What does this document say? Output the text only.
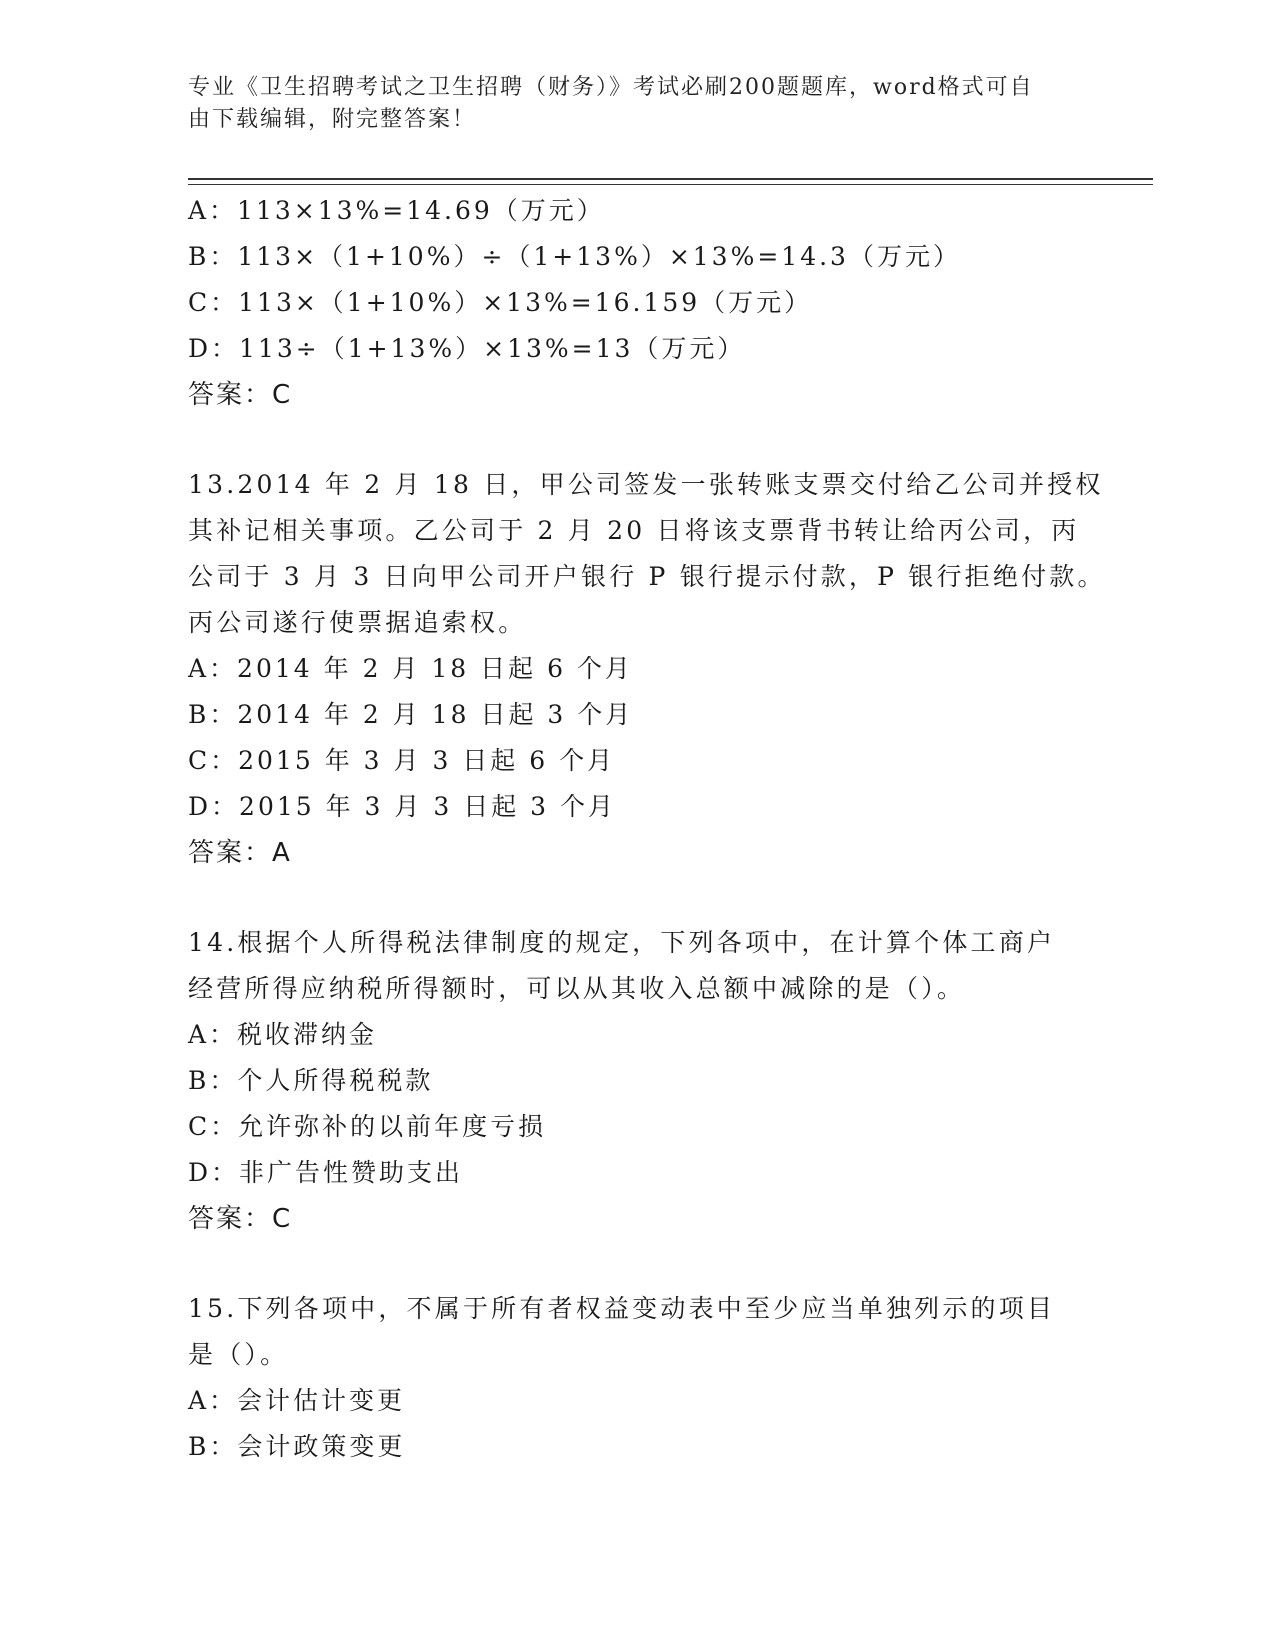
专业《卫生招聘考试之卫生招聘（财务）》考试必刷200题题库，word格式可自
由下载编辑，附完整答案！
A：113×13%=14.69（万元）
B：113×（1+10%）÷（1+13%）×13%=14.3（万元）
C：113×（1+10%）×13%=16.159（万元）
D：113÷（1+13%）×13%=13（万元）
答案：C
13.2014 年 2 月 18 日，甲公司签发一张转账支票交付给乙公司并授权
其补记相关事项。乙公司于 2 月 20 日将该支票背书转让给丙公司，丙
公司于 3 月 3 日向甲公司开户银行 P 银行提示付款，P 银行拒绝付款。
丙公司遂行使票据追索权。
A：2014 年 2 月 18 日起 6 个月
B：2014 年 2 月 18 日起 3 个月
C：2015 年 3 月 3 日起 6 个月
D：2015 年 3 月 3 日起 3 个月
答案：A
14.根据个人所得税法律制度的规定，下列各项中，在计算个体工商户
经营所得应纳税所得额时，可以从其收入总额中减除的是（）。
A：税收滞纳金
B：个人所得税税款
C：允许弥补的以前年度亏损
D：非广告性赞助支出
答案：C
15.下列各项中，不属于所有者权益变动表中至少应当单独列示的项目
是（）。
A：会计估计变更
B：会计政策变更
